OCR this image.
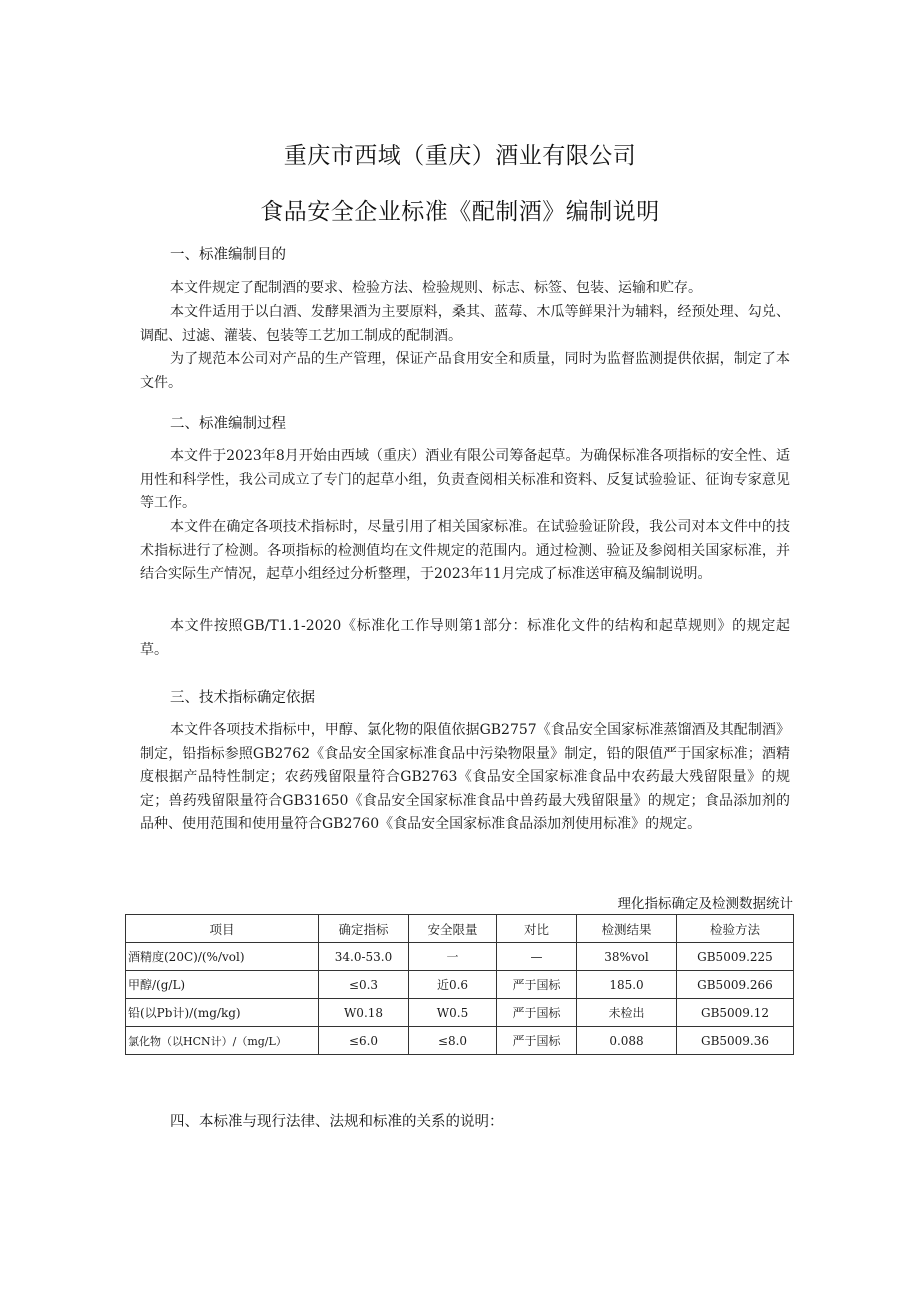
重庆市西域（重庆）酒业有限公司
食品安全企业标准《配制酒》编制说明
一、标准编制目的

本文件规定了配制酒的要求、检验方法、检验规则、标志、标签、包装、运输和贮存。

本文件适用于以白酒、发酵果酒为主要原料，桑其、蓝莓、木瓜等鲜果汁为辅料，经预处理、勾兑、调配、过滤、灌装、包装等工艺加工制成的配制酒。

为了规范本公司对产品的生产管理，保证产品食用安全和质量，同时为监督监测提供依据，制定了本文件。

二、标准编制过程

本文件于2023年8月开始由西域（重庆）酒业有限公司筹备起草。为确保标准各项指标的安全性、适用性和科学性，我公司成立了专门的起草小组，负责查阅相关标准和资料、反复试验验证、征询专家意见等工作。

本文件在确定各项技术指标时，尽量引用了相关国家标准。在试验验证阶段，我公司对本文件中的技术指标进行了检测。各项指标的检测值均在文件规定的范围内。通过检测、验证及参阅相关国家标准，并结合实际生产情况，起草小组经过分析整理，于2023年11月完成了标准送审稿及编制说明。

本文件按照GB/T1.1-2020《标准化工作导则第1部分：标准化文件的结构和起草规则》的规定起草。

三、技术指标确定依据

本文件各项技术指标中，甲醇、氯化物的限值依据GB2757《食品安全国家标准蒸馏酒及其配制酒》制定，铅指标参照GB2762《食品安全国家标准食品中污染物限量》制定，铅的限值严于国家标准；酒精度根据产品特性制定；农药残留限量符合GB2763《食品安全国家标准食品中农药最大残留限量》的规定；兽药残留限量符合GB31650《食品安全国家标准食品中兽药最大残留限量》的规定；食品添加剂的品种、使用范围和使用量符合GB2760《食品安全国家标准食品添加剂使用标准》的规定。

理化指标确定及检测数据统计
项目	确定指标	安全限量	对比	检测结果	检验方法
酒精度(20C)/(%/vol)	34.0-53.0	一	—	38%vol	GB5009.225
甲醇/(g/L)	≤0.3	近0.6	严于国标	185.0	GB5009.266
铅(以Pb计)/(mg/kg)	W0.18	W0.5	严于国标	未检出	GB5009.12
氯化物（以HCN计）/（mg/L）	≤6.0	≤8.0	严于国标	0.088	GB5009.36
四、本标准与现行法律、法规和标准的关系的说明：
